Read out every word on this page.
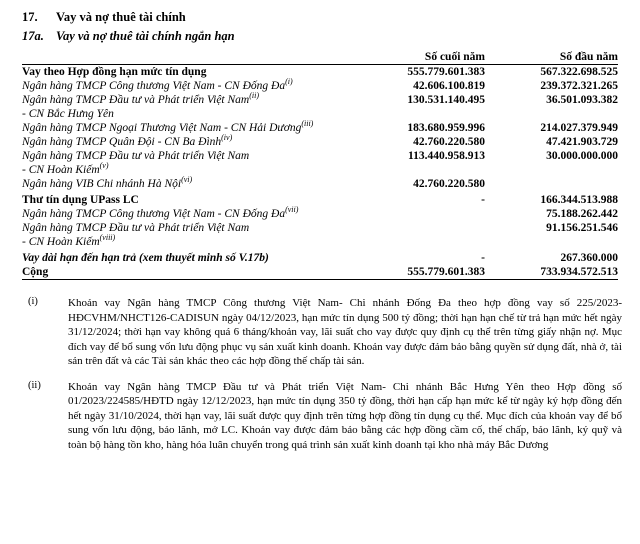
17.	Vay và nợ thuê tài chính
17a. Vay và nợ thuê tài chính ngắn hạn
	Số cuối năm	Số đầu năm
Vay theo Hợp đồng hạn mức tín dụng	555.779.601.383	567.322.698.525
Ngân hàng TMCP Công thương Việt Nam - CN Đống Đa$^{(i)}$	42.606.100.819	239.372.321.265
Ngân hàng TMCP Đầu tư và Phát triển Việt Nam$^{(ii)}$	130.531.140.495	36.501.093.382
- CN Bắc Hưng Yên		
Ngân hàng TMCP Ngoại Thương Việt Nam - CN Hải Dương$^{(iii)}$	183.680.959.996	214.027.379.949
Ngân hàng TMCP Quân Đội - CN Ba Đình$^{(iv)}$	42.760.220.580	47.421.903.729
Ngân hàng TMCP Đầu tư và Phát triển Việt Nam	113.440.958.913	30.000.000.000
- CN Hoàn Kiếm$^{(v)}$		
Ngân hàng VIB Chi nhánh Hà Nội$^{(vi)}$	42.760.220.580	
Thư tín dụng UPass LC	-	166.344.513.988
Ngân hàng TMCP Công thương Việt Nam - CN Đống Đa$^{(vii)}$		75.188.262.442
Ngân hàng TMCP Đầu tư và Phát triển Việt Nam		91.156.251.546
- CN Hoàn Kiếm$^{(viii)}$		
Vay dài hạn đến hạn trả (xem thuyết minh số V.17b)	-	267.360.000
Cộng	555.779.601.383	733.934.572.513

(i)	Khoản vay Ngân hàng TMCP Công thương Việt Nam- Chi nhánh Đống Đa theo hợp đồng vay số 225/2023-HĐCVHM/NHCT126-CADISUN ngày 04/12/2023, hạn mức tín dụng 500 tỷ đồng; thời hạn hạn chế từ trả hạn mức hết ngày 31/12/2024; thời hạn vay không quá 6 tháng/khoản vay, lãi suất cho vay được quy định cụ thể trên từng giấy nhận nợ. Mục đích vay để bổ sung vốn lưu động phục vụ sản xuất kinh doanh. Khoản vay được đảm bảo bằng quyền sử dụng đất, nhà ở, tài sản trên đất và các Tài sản khác theo các hợp đồng thế chấp tài sản.
(ii)	Khoản vay Ngân hàng TMCP Đầu tư và Phát triển Việt Nam- Chi nhánh Bắc Hưng Yên theo Hợp đồng số 01/2023/224585/HĐTD ngày 12/12/2023, hạn mức tín dụng 350 tỷ đồng, thời hạn cấp hạn mức kể từ ngày ký hợp đồng đến hết ngày 31/10/2024, thời hạn vay, lãi suất được quy định trên từng hợp đồng tín dụng cụ thể. Mục đích của khoản vay để bổ sung vốn lưu động, bảo lãnh, mở LC. Khoản vay được đảm bảo bằng các hợp đồng cầm cố, thế chấp, bảo lãnh, ký quỹ và toàn bộ hàng tồn kho, hàng hóa luân chuyển trong quá trình sản xuất kinh doanh tại kho nhà máy Bắc Dương
